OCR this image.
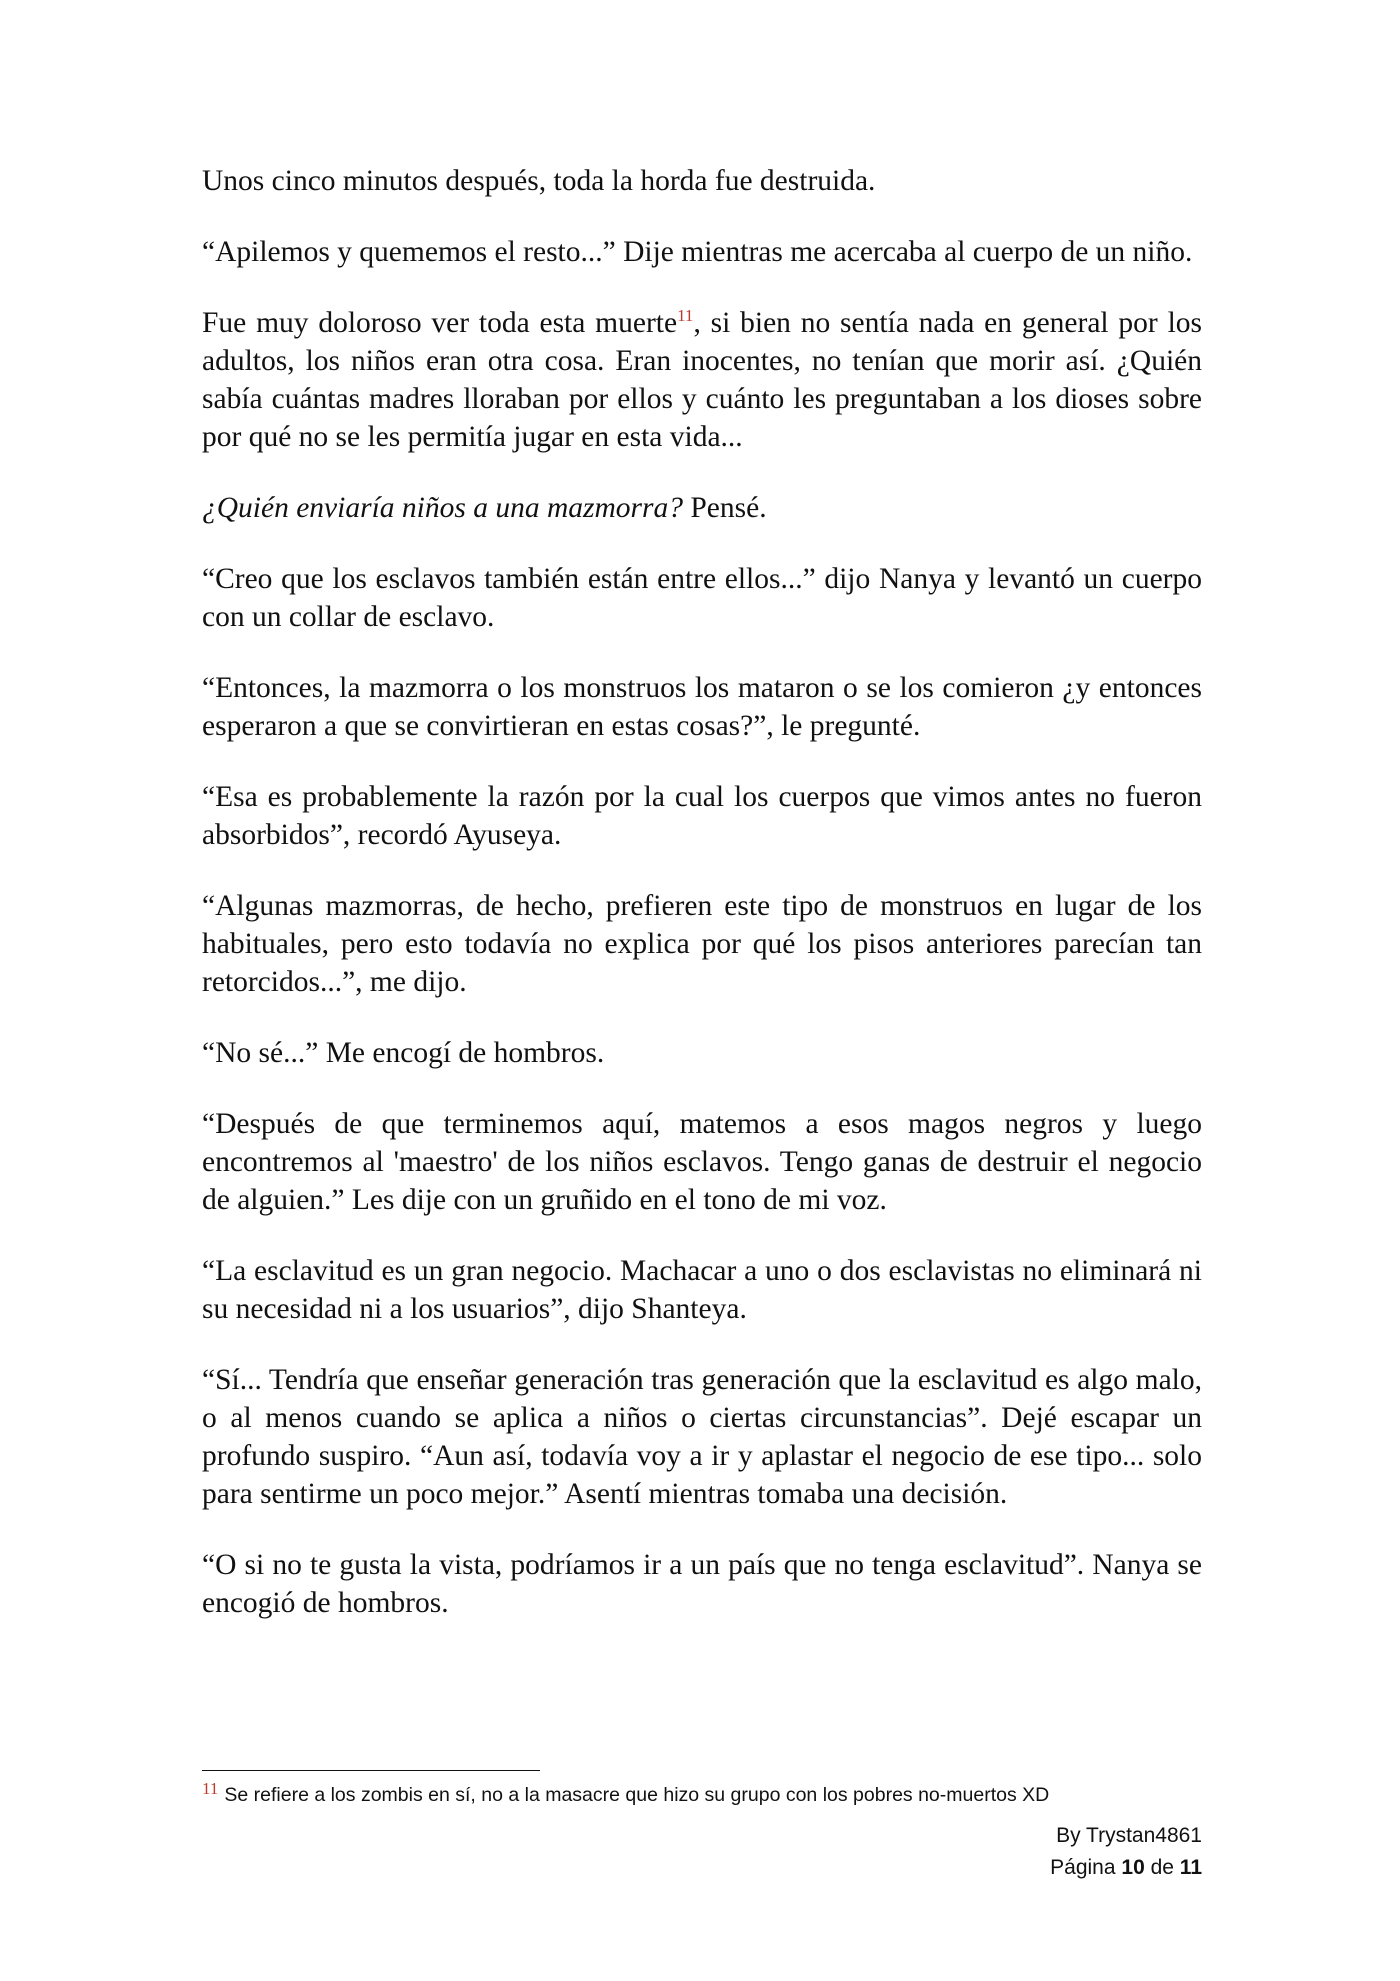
Unos cinco minutos después, toda la horda fue destruida.

“Apilemos y quememos el resto...” Dije mientras me acercaba al cuerpo de un niño.

Fue muy doloroso ver toda esta muerte$^{11}$, si bien no sentía nada en general por los adultos, los niños eran otra cosa. Eran inocentes, no tenían que morir así. ¿Quién sabía cuántas madres lloraban por ellos y cuánto les preguntaban a los dioses sobre por qué no se les permitía jugar en esta vida...

¿Quién enviaría niños a una mazmorra? Pensé.

“Creo que los esclavos también están entre ellos...” dijo Nanya y levantó un cuerpo con un collar de esclavo.

“Entonces, la mazmorra o los monstruos los mataron o se los comieron ¿y entonces esperaron a que se convirtieran en estas cosas?”, le pregunté.

“Esa es probablemente la razón por la cual los cuerpos que vimos antes no fueron absorbidos”, recordó Ayuseya.

“Algunas mazmorras, de hecho, prefieren este tipo de monstruos en lugar de los habituales, pero esto todavía no explica por qué los pisos anteriores parecían tan retorcidos...”, me dijo.

“No sé...” Me encogí de hombros.

“Después de que terminemos aquí, matemos a esos magos negros y luego encontremos al 'maestro' de los niños esclavos. Tengo ganas de destruir el negocio de alguien.” Les dije con un gruñido en el tono de mi voz.

“La esclavitud es un gran negocio. Machacar a uno o dos esclavistas no eliminará ni su necesidad ni a los usuarios”, dijo Shanteya.

“Sí... Tendría que enseñar generación tras generación que la esclavitud es algo malo, o al menos cuando se aplica a niños o ciertas circunstancias”. Dejé escapar un profundo suspiro. “Aun así, todavía voy a ir y aplastar el negocio de ese tipo... solo para sentirme un poco mejor.” Asentí mientras tomaba una decisión.

“O si no te gusta la vista, podríamos ir a un país que no tenga esclavitud”. Nanya se encogió de hombros.

11 Se refiere a los zombis en sí, no a la masacre que hizo su grupo con los pobres no-muertos XD
By Trystan4861
Página 10 de 11
